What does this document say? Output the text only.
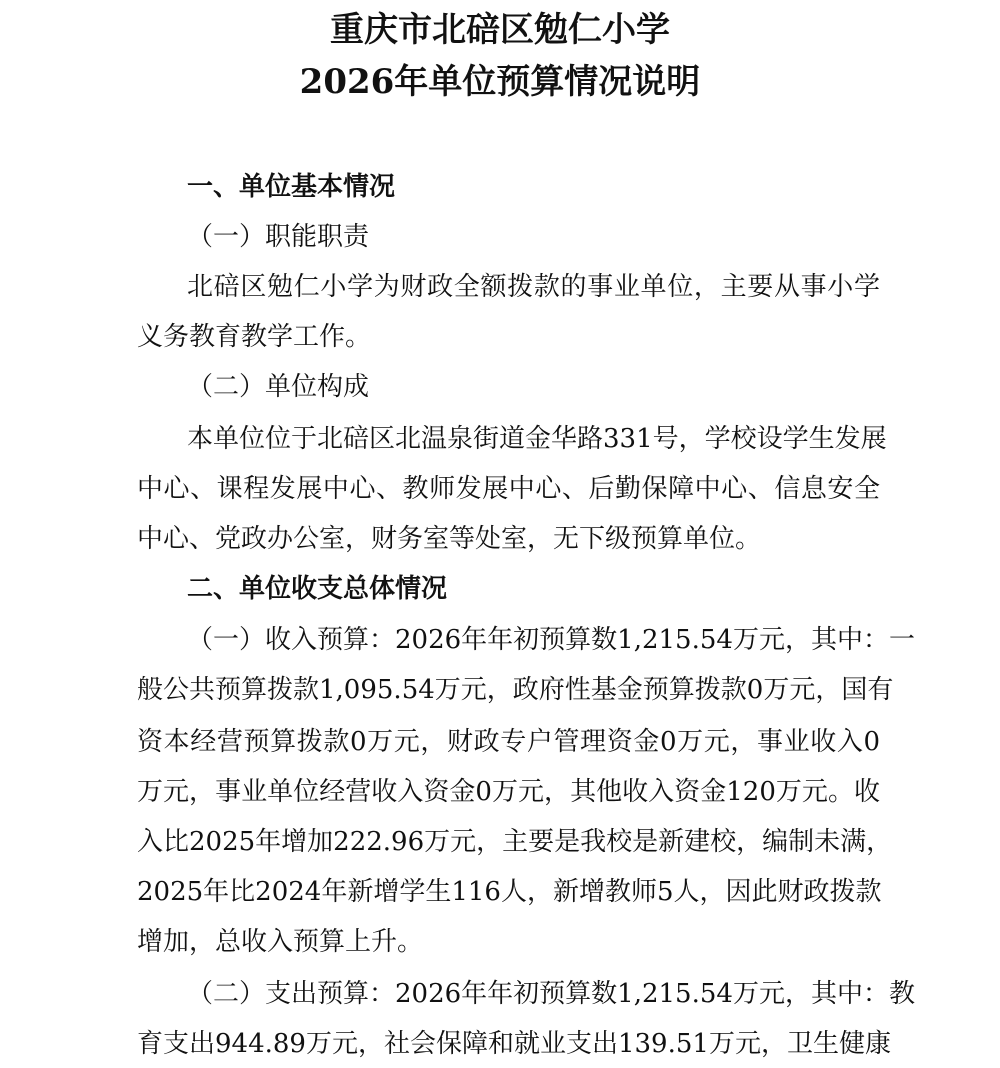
重庆市北碚区勉仁小学
2026年单位预算情况说明
一、单位基本情况
（一）职能职责
北碚区勉仁小学为财政全额拨款的事业单位，主要从事小学
义务教育教学工作。
（二）单位构成
本单位位于北碚区北温泉街道金华路331号，学校设学生发展
中心、课程发展中心、教师发展中心、后勤保障中心、信息安全
中心、党政办公室，财务室等处室，无下级预算单位。
二、单位收支总体情况
（一）收入预算：2026年年初预算数1,215.54万元，其中：一
般公共预算拨款1,095.54万元，政府性基金预算拨款0万元，国有
资本经营预算拨款0万元，财政专户管理资金0万元，事业收入0
万元，事业单位经营收入资金0万元，其他收入资金120万元。收
入比2025年增加222.96万元，主要是我校是新建校，编制未满，
2025年比2024年新增学生116人，新增教师5人，因此财政拨款
增加，总收入预算上升。
（二）支出预算：2026年年初预算数1,215.54万元，其中：教
育支出944.89万元，社会保障和就业支出139.51万元，卫生健康
